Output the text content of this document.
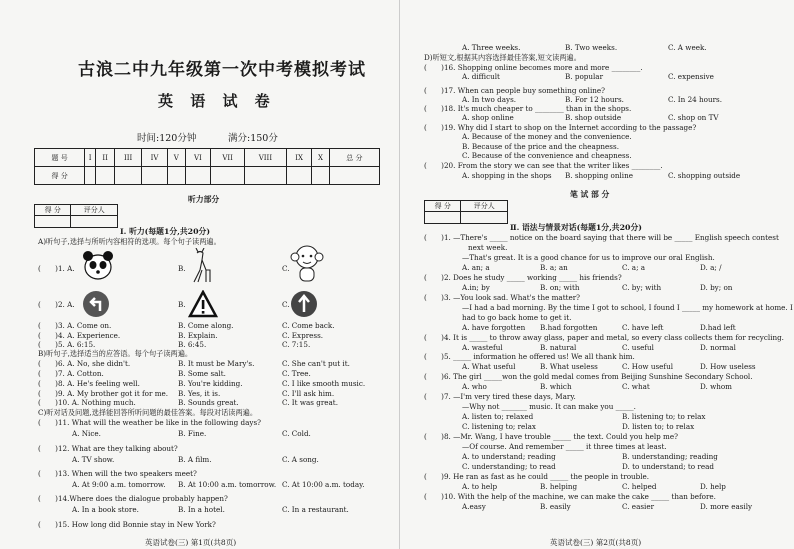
古浪二中九年级第一次中考模拟考试
英 语 试 卷
时间:120分钟	满分:150分
题 号	I	II	III	IV	V	VI	VII	VIII	IX	X	总 分
得 分											
听力部分
得 分	评分人

Ⅰ. 听力(每题1分,共20分)
A)听句子,选择与所听内容相符的选项。每个句子读两遍。
(　　)1. A.	B.	C.
(　　)2. A.	B.	C.
(　　)3. A. Come on.	B. Come along.	C. Come back.
(　　)4. A. Experience.	B. Explain.	C. Express.
(　　)5. A. 6:15.	B. 6:45.	C. 7:15.
B)听句子,选择适当的应答语。每个句子读两遍。
(　　)6. A. No, she didn't.	B. It must be Mary's.	C. She can't put it.
(　　)7. A. Cotton.	B. Some salt.	C. Tree.
(　　)8. A. He's feeling well.	B. You're kidding.	C. I like smooth music.
(　　)9. A. My brother got it for me. B. Yes, it is.	C. I'll ask him.
(　　)10. A. Nothing much.	B. Sounds great.	C. It was great.
C)听对话及问题,选择能回答所听问题的最佳答案。每段对话读两遍。
(　　)11. What will the weather be like in the following days?
A. Nice.	B. Fine.	C. Cold.
(　　)12. What are they talking about?
A. TV show.	B. A film.	C. A song.
(　　)13. When will the two speakers meet?
A. At 9:00 a.m. tomorrow. B. At 10:00 a.m. tomorrow. C. At 10:00 a.m. today.
(　　)14.Where does the dialogue probably happen?
A. In a book store.	B. In a hotel.	C. In a restaurant.
(　　)15. How long did Bonnie stay in New York?
英语试卷(三) 第1页(共8页)
A. Three weeks.	B. Two weeks.	C. A week.
D)听短文,根据其内容选择最佳答案,短文读两遍。
(　　)16. Shopping online becomes more and more ________.
A. difficult	B. popular	C. expensive
(　　)17. When can people buy something online?
A. In two days.	B. For 12 hours.	C. In 24 hours.
(　　)18. It's much cheaper to ________ than in the shops.
A. shop online	B. shop outside	C. shop on TV
(　　)19. Why did I start to shop on the Internet according to the passage?
A. Because of the money and the convenience.
B. Because of the price and the cheapness.
C. Because of the convenience and cheapness.
(　　)20. From the story we can see that the writer likes ________.
A. shopping in the shops B. shopping online	C. shopping outside
笔 试 部 分
得 分	评分人

Ⅱ. 语法与情景对话(每题1分,共20分)
(　　)1. —There's _____ notice on the board saying that there will be _____ English speech contest
next week.
—That's great. It is a good chance for us to improve our oral English.
A. an; a	B. a; an	C. a; a	D. a; /
(　　)2. Does he study _____ working _____ his friends?
A.in; by	B. on; with	C. by; with	D. by; on
(　　)3. —You look sad. What's the matter?
—I had a bad morning. By the time I got to school, I found I _____ my homework at home. I
had to go back home to get it.
A. have forgotten B.had forgotten	C. have left	D.had left
(　　)4. It is _____ to throw away glass, paper and metal, so every class collects them for recycling.
A. wasteful	B. natural	C. useful	D. normal
(　　)5. _____ information he offered us! We all thank him.
A. What useful	B. What useless	C. How useful	D. How useless
(　　)6. The girl _____won the gold medal comes from Beijing Sunshine Secondary School.
A. who	B. which	C. what	D. whom
(　　)7. —I'm very tired these days, Mary.
—Why not _______ music. It can make you _____.
A. listen to; relaxed	B. listening to; to relax
C. listening to; relax	D. listen to; to relax
(　　)8. —Mr. Wang, I have trouble _____ the text. Could you help me?
—Of course. And remember _____ it three times at least.
A. to understand; reading	B. understanding; reading
C. understanding; to read	D. to understand; to read
(　　)9. He ran as fast as he could _____ the people in trouble.
A. to help	B. helping	C. helped	D. help
(　　)10. With the help of the machine, we can make the cake _____ than before.
A.easy	B. easily	C. easier	D. more easily
英语试卷(三) 第2页(共8页)
